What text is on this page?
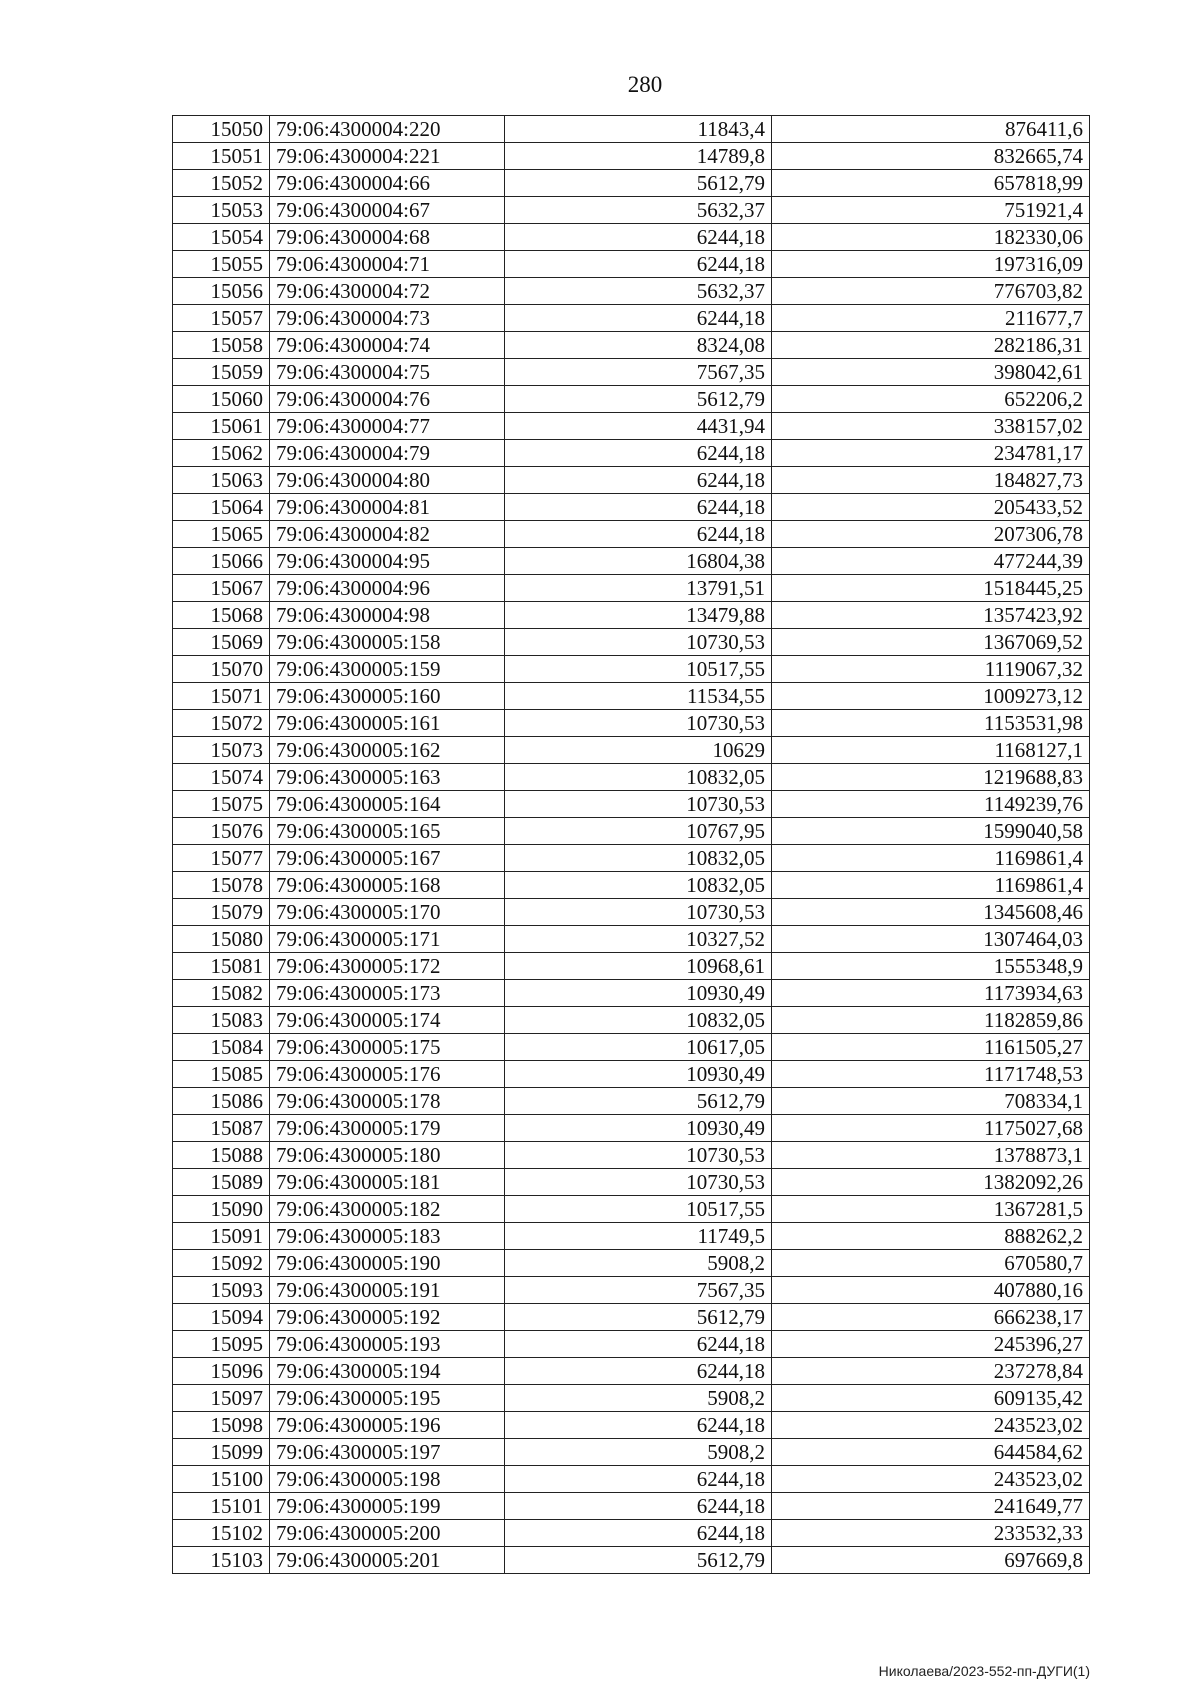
280
15050	79:06:4300004:220	11843,4	876411,6
15051	79:06:4300004:221	14789,8	832665,74
15052	79:06:4300004:66	5612,79	657818,99
15053	79:06:4300004:67	5632,37	751921,4
15054	79:06:4300004:68	6244,18	182330,06
15055	79:06:4300004:71	6244,18	197316,09
15056	79:06:4300004:72	5632,37	776703,82
15057	79:06:4300004:73	6244,18	211677,7
15058	79:06:4300004:74	8324,08	282186,31
15059	79:06:4300004:75	7567,35	398042,61
15060	79:06:4300004:76	5612,79	652206,2
15061	79:06:4300004:77	4431,94	338157,02
15062	79:06:4300004:79	6244,18	234781,17
15063	79:06:4300004:80	6244,18	184827,73
15064	79:06:4300004:81	6244,18	205433,52
15065	79:06:4300004:82	6244,18	207306,78
15066	79:06:4300004:95	16804,38	477244,39
15067	79:06:4300004:96	13791,51	1518445,25
15068	79:06:4300004:98	13479,88	1357423,92
15069	79:06:4300005:158	10730,53	1367069,52
15070	79:06:4300005:159	10517,55	1119067,32
15071	79:06:4300005:160	11534,55	1009273,12
15072	79:06:4300005:161	10730,53	1153531,98
15073	79:06:4300005:162	10629	1168127,1
15074	79:06:4300005:163	10832,05	1219688,83
15075	79:06:4300005:164	10730,53	1149239,76
15076	79:06:4300005:165	10767,95	1599040,58
15077	79:06:4300005:167	10832,05	1169861,4
15078	79:06:4300005:168	10832,05	1169861,4
15079	79:06:4300005:170	10730,53	1345608,46
15080	79:06:4300005:171	10327,52	1307464,03
15081	79:06:4300005:172	10968,61	1555348,9
15082	79:06:4300005:173	10930,49	1173934,63
15083	79:06:4300005:174	10832,05	1182859,86
15084	79:06:4300005:175	10617,05	1161505,27
15085	79:06:4300005:176	10930,49	1171748,53
15086	79:06:4300005:178	5612,79	708334,1
15087	79:06:4300005:179	10930,49	1175027,68
15088	79:06:4300005:180	10730,53	1378873,1
15089	79:06:4300005:181	10730,53	1382092,26
15090	79:06:4300005:182	10517,55	1367281,5
15091	79:06:4300005:183	11749,5	888262,2
15092	79:06:4300005:190	5908,2	670580,7
15093	79:06:4300005:191	7567,35	407880,16
15094	79:06:4300005:192	5612,79	666238,17
15095	79:06:4300005:193	6244,18	245396,27
15096	79:06:4300005:194	6244,18	237278,84
15097	79:06:4300005:195	5908,2	609135,42
15098	79:06:4300005:196	6244,18	243523,02
15099	79:06:4300005:197	5908,2	644584,62
15100	79:06:4300005:198	6244,18	243523,02
15101	79:06:4300005:199	6244,18	241649,77
15102	79:06:4300005:200	6244,18	233532,33
15103	79:06:4300005:201	5612,79	697669,8
Николаева/2023-552-пп-ДУГИ(1)
